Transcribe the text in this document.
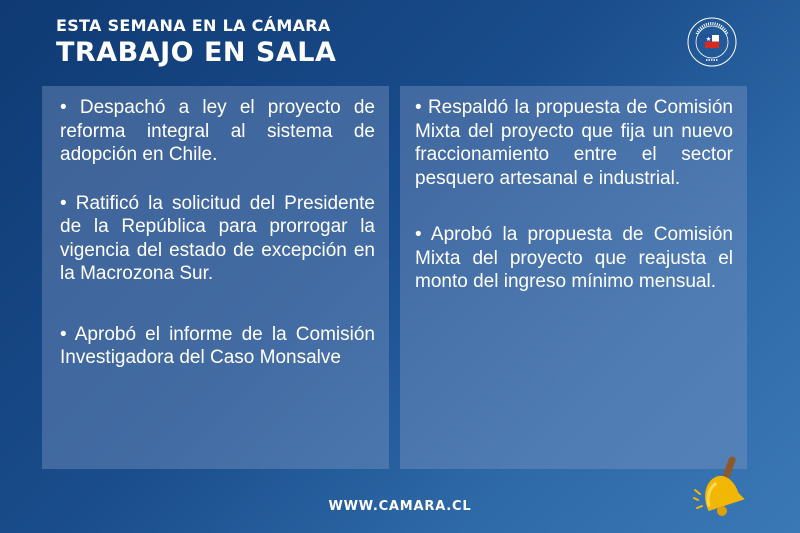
ESTA SEMANA EN LA CÁMARA
TRABAJO EN SALA

• Despachó a ley el proyecto de reforma integral al sistema de adopción en Chile.

• Ratificó la solicitud del Presidente de la República para prorrogar la vigencia del estado de excepción en la Macrozona Sur.

• Aprobó el informe de la Comisión Investigadora del Caso Monsalve

• Respaldó la propuesta de Comisión Mixta del proyecto que fija un nuevo fraccionamiento entre el sector pesquero artesanal e industrial.

• Aprobó la propuesta de Comisión Mixta del proyecto que reajusta el monto del ingreso mínimo mensual.

WWW.CAMARA.CL
